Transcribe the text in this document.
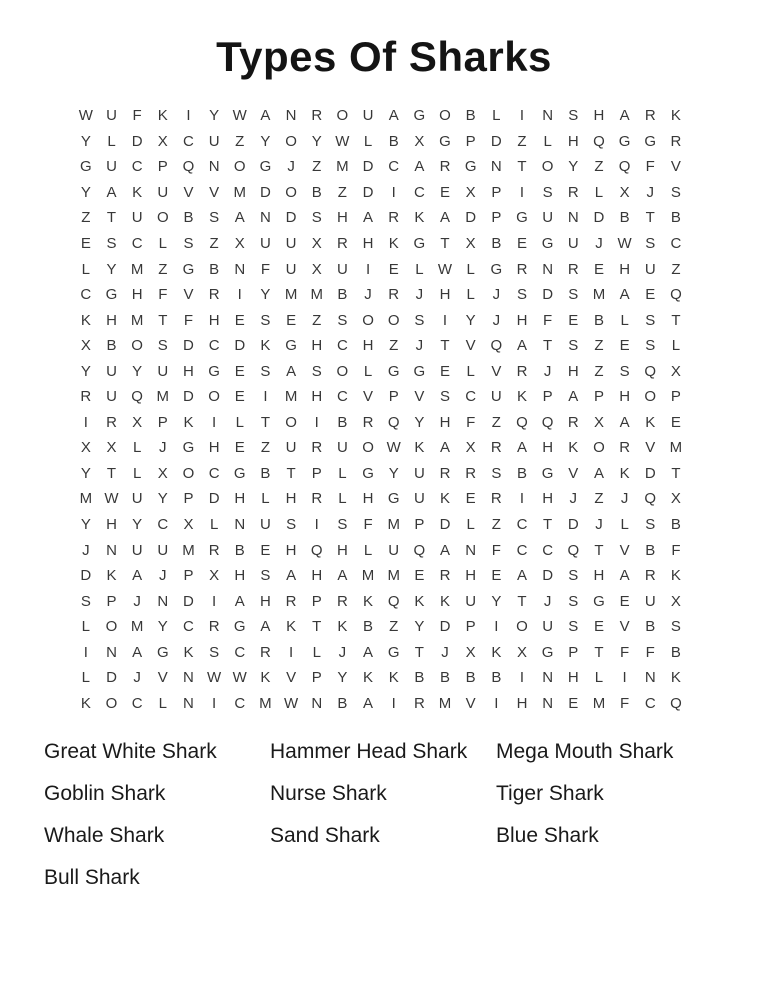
Types Of Sharks
W U	F	K	I	Y W A	N R O U	A G O B	L	I	N	S	H	A	R	K
Y	L	D	X	C U	Z	Y O Y W L	B	X G P	D	Z	L	H Q G G R
G U C	P Q N O G	J	Z M D C	A	R G N	T	O Y	Z	Q	F	V
Y	A	K	U	V	V M D O B	Z	D	I	C	E	X	P	I	S	R	L	X	J	S
Z	T	U O B	S	A	N D	S	H	A	R	K	A	D	P G U N D	B	T	B
E	S	C	L	S	Z	X	U U	X	R H	K G	T	X	B	E G U	J W S	C
L	Y M Z	G B	N	F	U	X	U	I	E	L W L	G R N R	E	H U	Z
C G H	F	V	R	I	Y M M B	J	R	J	H	L	J	S	D	S M A	E Q
K	H M T	F	H	E	S	E	Z	S O O S	I	Y	J	H	F	E	B	L	S	T
X	B O S	D C D	K G H C H	Z	J	T	V Q A	T	S	Z	E	S	L
Y	U	Y	U H G E	S	A	S O	L	G G E	L	V	R	J	H	Z	S Q X
R U Q M D O E	I	M H C	V	P	V	S	C U	K	P	A	P	H O P
I	R	X	P	K	I	L	T	O	I	B	R Q Y	H	F	Z	Q Q R	X	A	K	E
X	X	L	J	G H	E	Z	U R U O W K	A	X	R	A	H	K O R	V M
Y	T	L	X O C G B	T	P	L	G Y	U R R	S	B G V	A	K	D	T
M W U	Y	P	D H	L	H R	L	H G U	K	E	R	I	H	J	Z	J	Q X
Y	H	Y	C	X	L	N U	S	I	S	F M P	D	L	Z	C	T	D	J	L	S	B
J	N U U M R	B	E	H Q H	L	U Q A	N	F	C C Q	T	V	B	F
D	K	A	J	P	X	H	S	A	H	A M M E	R H	E	A	D	S	H	A	R	K
S	P	J	N D	I	A	H R	P	R	K Q K	K	U	Y	T	J	S G E	U	X
L	O M Y	C R G A	K	T	K	B	Z	Y	D	P	I	O U	S	E	V	B	S
I	N	A G K	S	C R	I	L	J	A G	T	J	X	K	X G P	T	F	F	B
L	D	J	V	N W W K	V	P	Y	K	K	B	B	B	B	I	N H	L	I	N	K
K O C	L	N	I	C M W N	B	A	I	R M V	I	H N	E M F	C Q
Great White Shark	Hammer Head Shark	Mega Mouth Shark
Goblin Shark	Nurse Shark	Tiger Shark
Whale Shark	Sand Shark	Blue Shark
Bull Shark
